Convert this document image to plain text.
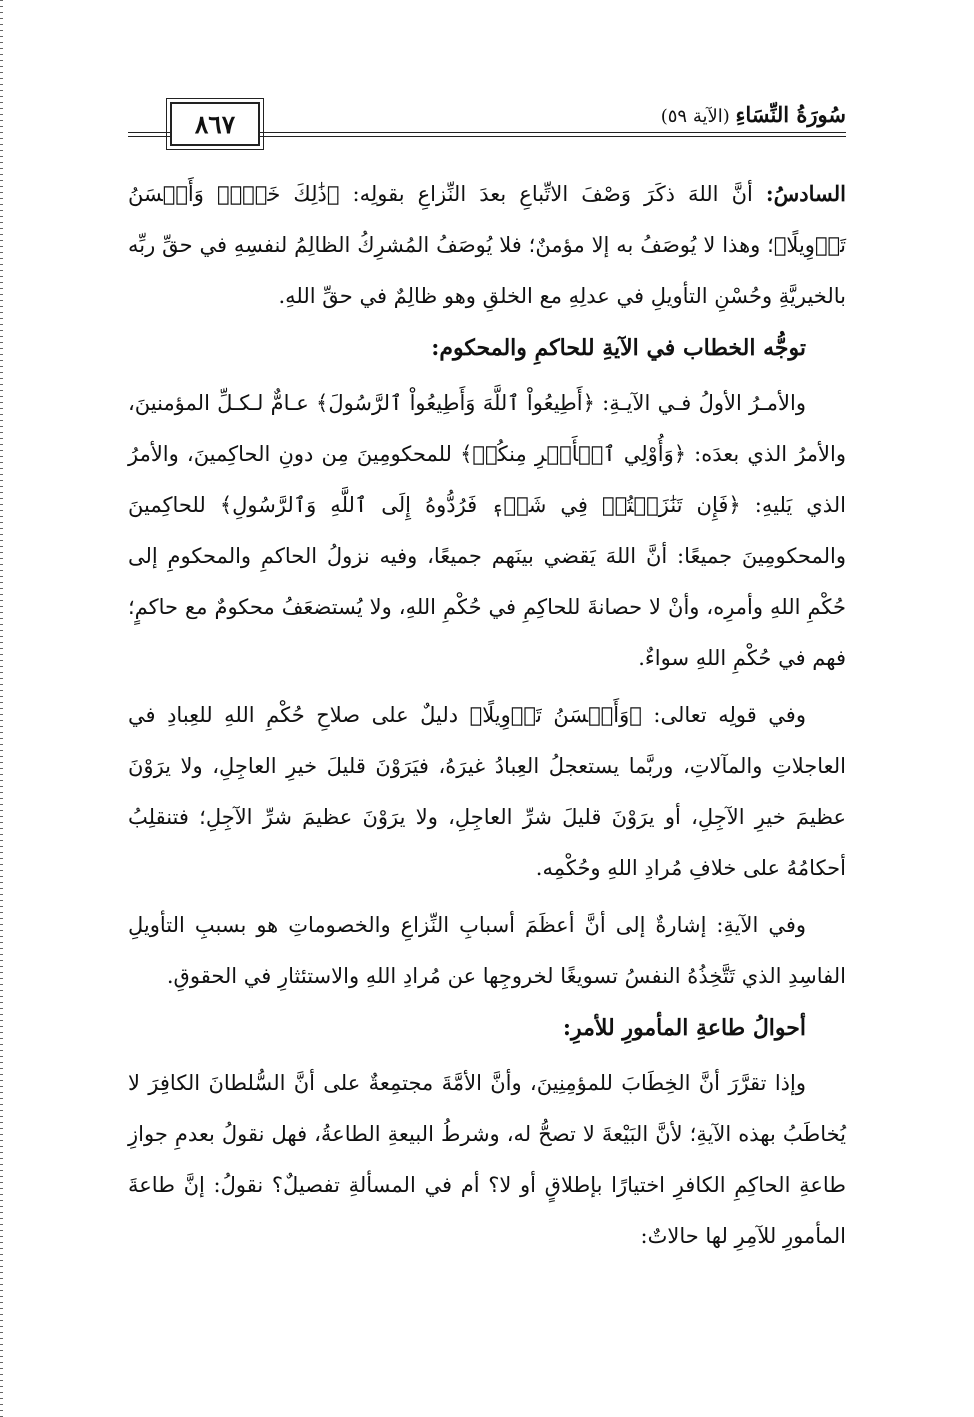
٨٦٧	سُورَةُ النِّسَاءِ (الآية ٥٩)

السادسُ: أنَّ اللهَ ذكَرَ وَصْفَ الاتِّباعِ بعدَ النِّزاعِ بقولِه: ﴿ذَٰلِكَ خَيۡرٞ وَأَحۡسَنُ تَأۡوِيلًا﴾؛ وهذا لا يُوصَفُ به إلا مؤمنٌ؛ فلا يُوصَفُ المُشرِكُ الظالِمُ لنفسِهِ في حقِّ ربِّه بالخيريَّةِ وحُسْنِ التأويلِ في عدلِهِ مع الخلقِ وهو ظالِمٌ في حقِّ اللهِ.

توجُّه الخطاب في الآيةِ للحاكمِ والمحكوم:

والأمـرُ الأولُ فـي الآيـةِ: ﴿أَطِيعُواْ ٱللَّهَ وَأَطِيعُواْ ٱلرَّسُولَ﴾ عـامٌّ لـكـلِّ المؤمنينَ، والأمرُ الذي بعدَه: ﴿وَأُوْلِي ٱلۡأَمۡرِ مِنكُمۡ﴾ للمحكومِينَ مِن دونِ الحاكِمينَ، والأمرُ الذي يَليهِ: ﴿فَإِن تَنَٰزَعۡتُمۡ فِي شَيۡءٖ فَرُدُّوهُ إِلَى ٱللَّهِ وَٱلرَّسُولِ﴾ للحاكِمينَ والمحكومِينَ جميعًا: أنَّ اللهَ يَقضي بينَهم جميعًا، وفيه نزولُ الحاكمِ والمحكومِ إلى حُكْمِ اللهِ وأمرِه، وأنْ لا حصانةَ للحاكِمِ في حُكْمِ اللهِ، ولا يُستضعَفُ محكومٌ مع حاكمٍ؛ فهم في حُكْمِ اللهِ سواءٌ.

وفي قولِه تعالى: ﴿وَأَحۡسَنُ تَأۡوِيلًا﴾ دليلٌ على صلاحِ حُكْمِ اللهِ للعِبادِ في العاجلاتِ والمآلاتِ، وربَّما يستعجلُ العِبادُ غيرَهُ، فيَرَوْنَ قليلَ خيرِ العاجِلِ، ولا يرَوْنَ عظيمَ خيرِ الآجِلِ، أو يرَوْنَ قليلَ شرِّ العاجِلِ، ولا يرَوْنَ عظيمَ شرِّ الآجِلِ؛ فتنقلِبُ أحكامُهُ على خلافِ مُرادِ اللهِ وحُكْمِه.

وفي الآيةِ: إشارةٌ إلى أنَّ أعظَمَ أسبابِ النِّزاعِ والخصوماتِ هو بسببِ التأويلِ الفاسِدِ الذي تَتَّخِذُهُ النفسُ تسويغًا لخروجِها عن مُرادِ اللهِ والاستئثارِ في الحقوقِ.

أحوالُ طاعةِ المأمورِ للأمرِ:

وإذا تقرَّرَ أنَّ الخِطَابَ للمؤمِنِينَ، وأنَّ الأمَّةَ مجتمِعةٌ على أنَّ السُّلطانَ الكافِرَ لا يُخاطَبُ بهذه الآيةِ؛ لأنَّ البَيْعةَ لا تصحُّ له، وشرطُ البيعةِ الطاعةُ، فهل نقولُ بعدمِ جوازِ طاعةِ الحاكِمِ الكافرِ اختيارًا بإطلاقٍ أو لا؟ أم في المسألةِ تفصيلٌ؟ نقولُ: إنَّ طاعةَ المأمورِ للآمِرِ لها حالاتٌ:
